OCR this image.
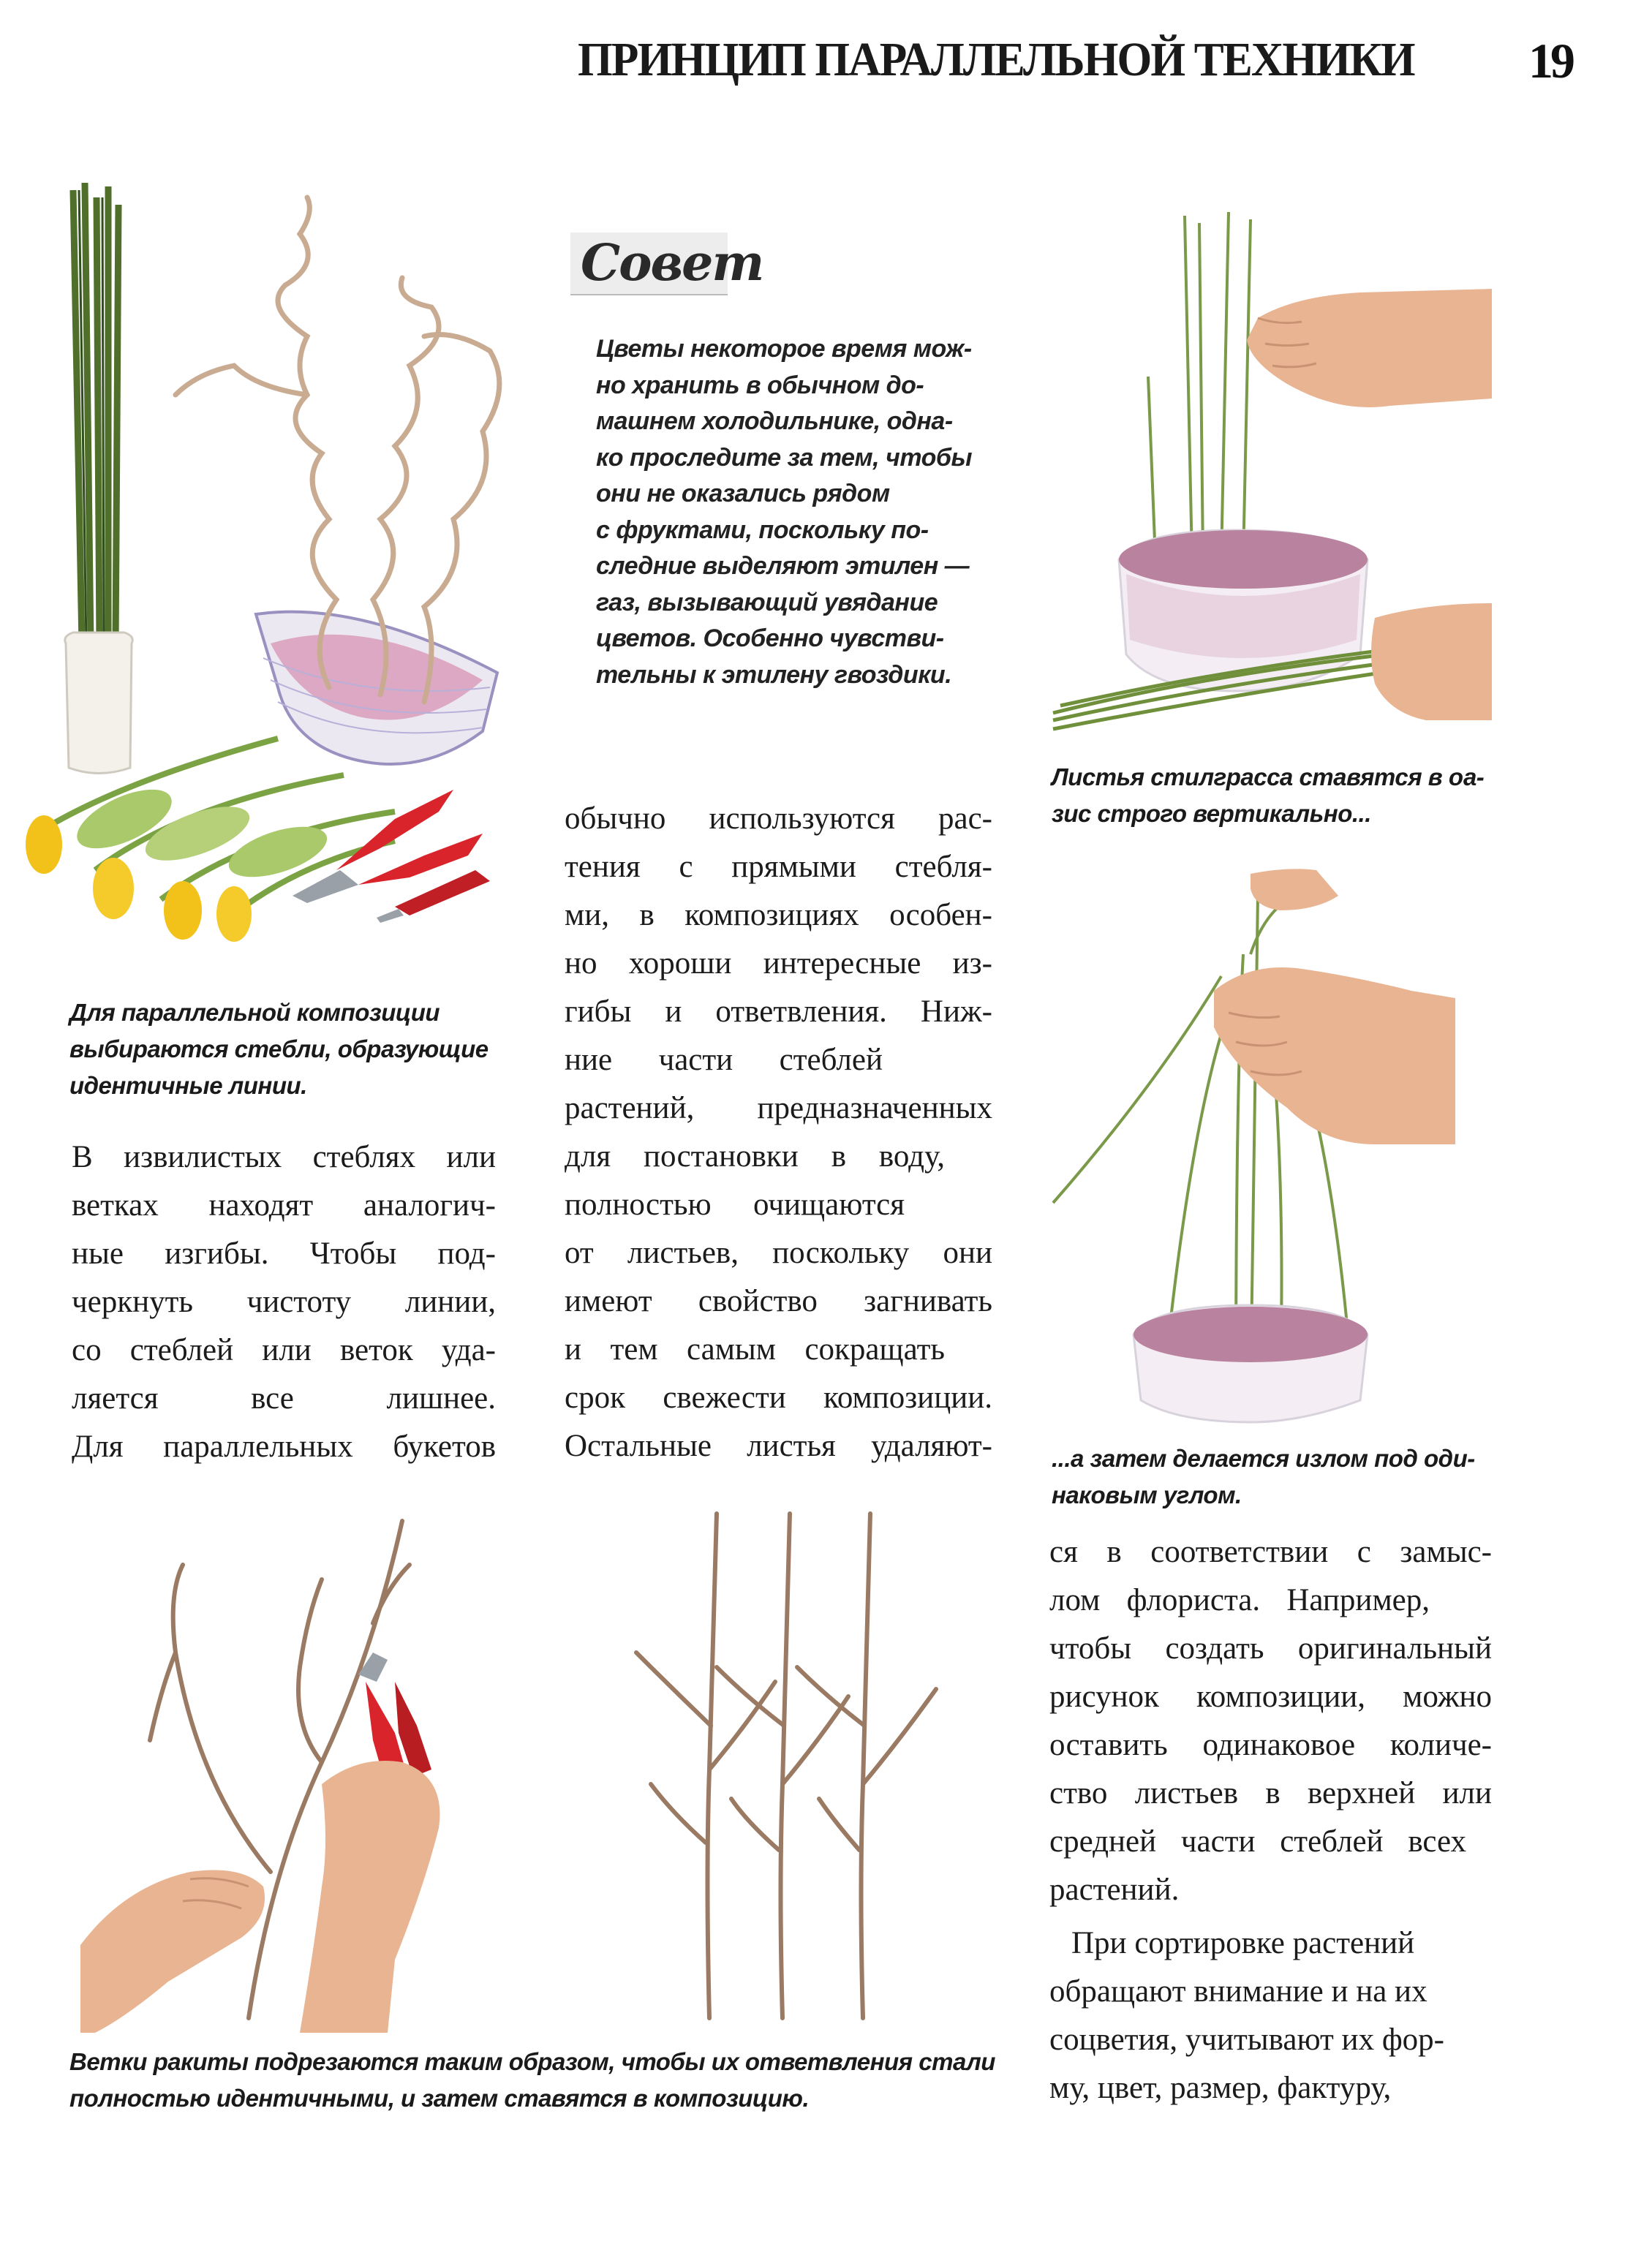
ПРИНЦИП ПАРАЛЛЕЛЬНОЙ ТЕХНИКИ 19
Совет
Цветы некоторое время мож-
но хранить в обычном до-
машнем холодильнике, одна-
ко проследите за тем, чтобы
они не оказались рядом
с фруктами, поскольку по-
следние выделяют этилен —
газ, вызывающий увядание
цветов. Особенно чувстви-
тельны к этилену гвоздики.
Листья стилграсса ставятся в оа-
зис строго вертикально...
...а затем делается излом под оди-
наковым углом.
Для параллельной композиции
выбираются стебли, образующие
идентичные линии.
В извилистых стеблях или
ветках находят аналогич-
ные изгибы. Чтобы под-
черкнуть чистоту линии,
со стеблей или веток уда-
ляется все лишнее.
Для параллельных букетов
обычно используются рас-
тения с прямыми стебля-
ми, в композициях особен-
но хороши интересные из-
гибы и ответвления. Ниж-
ние части стеблей
растений, предназначенных
для постановки в воду,
полностью очищаются
от листьев, поскольку они
имеют свойство загнивать
и тем самым сокращать
срок свежести композиции.
Остальные листья удаляют-
Ветки ракиты подрезаются таким образом, чтобы их ответвления стали
полностью идентичными, и затем ставятся в композицию.
ся в соответствии с замыс-
лом флориста. Например,
чтобы создать оригинальный
рисунок композиции, можно
оставить одинаковое количе-
ство листьев в верхней или
средней части стеблей всех
растений.
При сортировке растений
обращают внимание и на их
соцветия, учитывают их фор-
му, цвет, размер, фактуру,
